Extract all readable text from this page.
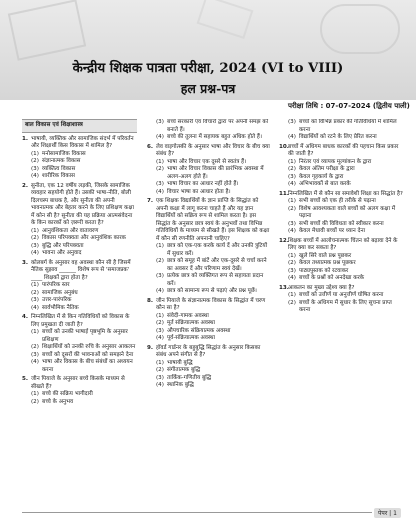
केन्द्रीय शिक्षक पात्रता परीक्षा, 2024 (VI to VIII)
हल प्रश्न-पत्र
परीक्षा तिथि : 07-07-2024 (द्वितीय पाली)
बाल विकास एवं शिक्षाशास्त्र
1. भाषायी, व्यक्तिक और सामाजिक संदर्भ में परिवर्तन और शिक्षार्थी किस विकास में शामिल है?
(1) मनोसामाजिक विकास
(2) संज्ञानात्मक विकास
(3) व्यक्तित्व विकास
(4) शारीरिक विकास
2. सुनीता, एक 12 वर्षीय लड़की, जिसके सामाजिक व्यवहार सहयोगी होते हैं। उसकी भाषा-नीति, बोली दिलचस्प बाधक है, और सुनीता की अपनी भावनात्मक और बेहतर करने के लिए प्रशिक्षण कक्षा में कोन सी है? सुनीता की यह प्रक्रिया आत्मसंवेदना के किन कारकों को ज़रूरी करता है?
(1) आनुवंशिकता और वातावरण
(2) विकास परिपक्वता और आनुवंशिक कारक
(3) बुद्धि और परिपक्वता
(4) भावना और अनुवाद
3. कोलबर्ग के अनुसार वह अवस्था कौन सी है जिसमें नैतिक सुझाव ______ विशेष रूप से 'समाजप्रक' ‍ ____ शिक्षकों द्वारा होता है?
(1) पारंपरिक स्तर
(2) सामाजिक अनुबंध
(3) उत्तर-पारंपरिक
(4) सार्वभौमिक नैतिक
4. निम्नलिखित में से किन गतिविधियों को विकास के लिए प्रमुखता दी जाती है?
(1) बच्चों को उनकी भाषाई पृष्ठभूमि के अनुसार प्रशिक्षण
(2) शिक्षार्थियों को उनकी रुचि के अनुसार आकलन
(3) बच्चों को दूसरों की भावनाओं को समझने देना
(4) भाषा और विकास के बीच संबंधों का अध्ययन करना
5. जीन पियाजे के अनुसार बच्चे किसके माध्यम से सीखते हैं?
(1) बच्चे की सक्रिय भागीदारी
(2) बच्चे के अनुभव
(3) बच्चे सरकारी एवं विचारों द्वारा पर अपनी समझ को बनाते हैं।
(4) बच्चे की तुलना में सहायक बहुत अधिक होते हैं।
6. लेव वाइगोत्स्की के अनुसार भाषा और विचार के बीच क्या संबंध है?
(1) भाषा और विचार एक दूसरे से स्वतंत्र हैं।
(2) भाषा और विचार विकास की प्रारंभिक अवस्था में अलग-अलग होते हैं।
(3) भाषा विचार का आधार नहीं होते हैं।
(4) विचार भाषा का आधार होता है।
7. एक शिक्षक विद्यार्थियों के ज्ञान प्राप्ति के सिद्धांत को अपनी कक्षा में लागू करना चाहते हैं और यह ज्ञान विद्यार्थियों को सक्रिय रूप से शामिल करता है। इस सिद्धांत के अनुसार छात्र स्वयं के अनुभवों तथा विभिन्न गतिविधियों के माध्यम से सीखते हैं। इस शिक्षक को कक्षा में कौन सी रणनीति अपनानी चाहिए?
(1) छात्र को एक-एक करके कार्य दें और उनकी त्रुटियों में सुधार करें।
(2) छात्र को समूह में बांटें और एक-दूसरे से चर्चा करने का अवसर दें और परिणाम स्वयं देखें।
(3) प्रत्येक छात्र को व्यक्तिगत रूप से सहायता प्रदान करें।
(4) छात्र को सामान्य रूप से पढ़ाएं और प्रश्न पूछें।
8. जीन पियाजे के संज्ञानात्मक विकास के सिद्धांत में चरण कौन सा है?
(1) संवेदी-गामक अवस्था
(2) मूर्त संक्रियात्मक अवस्था
(3) औपचारिक संक्रियात्मक अवस्था
(4) पूर्व-संक्रियात्मक अवस्था
9. हॉवर्ड गार्डनर के बहुबुद्धि सिद्धांत के अनुसार किसका संबंध अपने संगीत से है?
(1) भाषायी बुद्धि
(2) संगीतात्मक बुद्धि
(3) तार्किक-गणितीय बुद्धि
(4) स्थानिक बुद्धि
(3) बच्चों को विभिन्न प्रकार की गतिविधियों में शामिल करना
(4) विद्यार्थियों को रटने के लिए प्रेरित करना
10. बच्चों में अधिगम बाधक कारकों की पहचान किस प्रकार की जाती है?
(1) निरंतर एवं व्यापक मूल्यांकन के द्वारा
(2) केवल अंतिम परीक्षा के द्वारा
(3) केवल गृहकार्य के द्वारा
(4) अभिभावकों से बात करके
11. निम्नलिखित में से कौन सा समावेशी शिक्षा का सिद्धांत है?
(1) सभी बच्चों को एक ही तरीके से पढ़ाना
(2) विशेष आवश्यकता वाले बच्चों को अलग कक्षा में पढ़ाना
(3) सभी बच्चों की विविधता को स्वीकार करना
(4) केवल मेधावी बच्चों पर ध्यान देना
12. शिक्षक बच्चों में आलोचनात्मक चिंतन को बढ़ावा देने के लिए क्या कर सकता है?
(1) खुले सिरे वाले प्रश्न पूछकर
(2) केवल तथ्यात्मक प्रश्न पूछकर
(3) पाठ्यपुस्तक को रटवाकर
(4) बच्चों के प्रश्नों को अनदेखा करके
13. आकलन का मुख्य उद्देश्य क्या है?
(1) बच्चों को उत्तीर्ण या अनुत्तीर्ण घोषित करना
(2) बच्चों के अधिगम में सुधार के लिए सूचना प्राप्त करना
पेपर | 1
